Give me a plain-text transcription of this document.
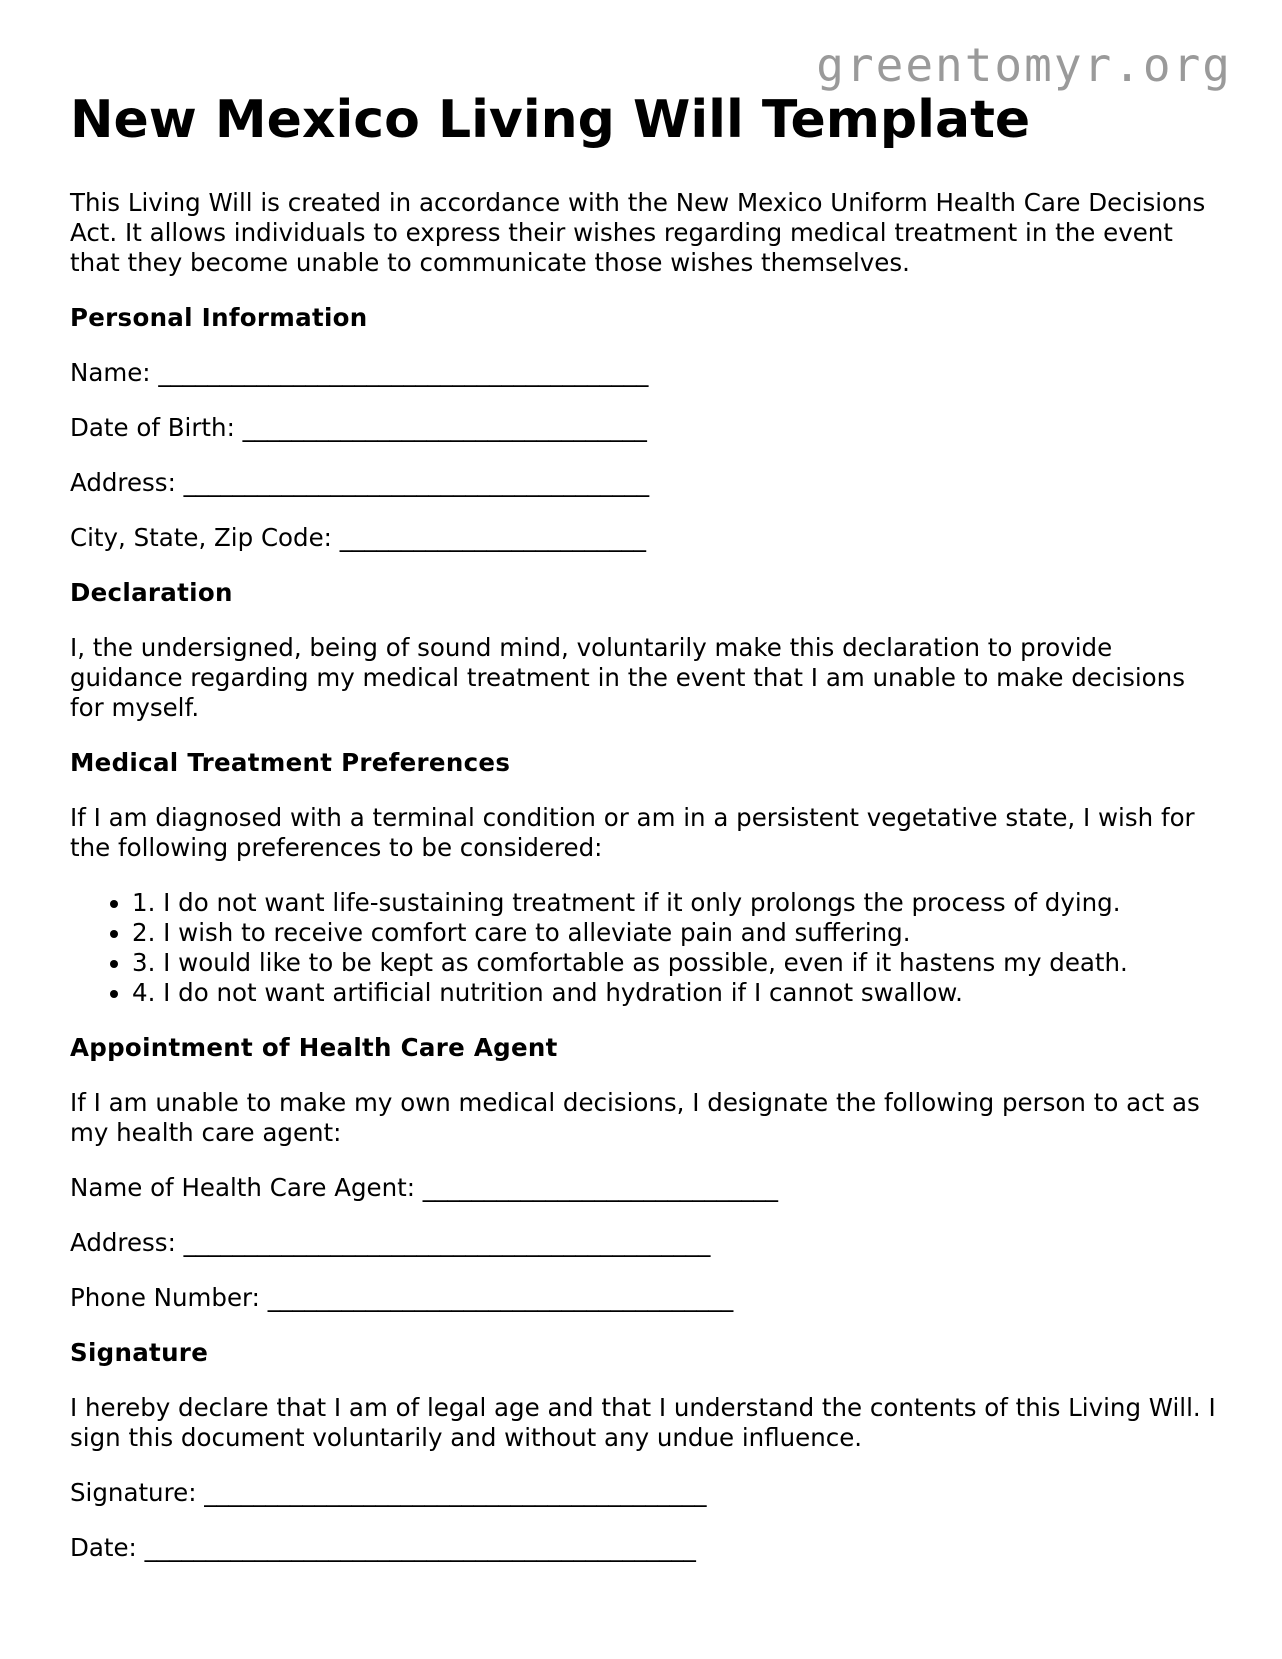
greentomyr.org
New Mexico Living Will Template

This Living Will is created in accordance with the New Mexico Uniform Health Care Decisions Act. It allows individuals to express their wishes regarding medical treatment in the event that they become unable to communicate those wishes themselves.

Personal Information
Name: ________________________________________
Date of Birth: _________________________________
Address: ______________________________________
City, State, Zip Code: _________________________
Declaration

I, the undersigned, being of sound mind, voluntarily make this declaration to provide guidance regarding my medical treatment in the event that I am unable to make decisions for myself.

Medical Treatment Preferences

If I am diagnosed with a terminal condition or am in a persistent vegetative state, I wish for the following preferences to be considered:

• 1. I do not want life-sustaining treatment if it only prolongs the process of dying.
• 2. I wish to receive comfort care to alleviate pain and suffering.
• 3. I would like to be kept as comfortable as possible, even if it hastens my death.
• 4. I do not want artificial nutrition and hydration if I cannot swallow.
Appointment of Health Care Agent

If I am unable to make my own medical decisions, I designate the following person to act as my health care agent:

Name of Health Care Agent: _____________________________
Address: ___________________________________________
Phone Number: ______________________________________
Signature

I hereby declare that I am of legal age and that I understand the contents of this Living Will. I sign this document voluntarily and without any undue influence.

Signature: _________________________________________
Date: _____________________________________________
